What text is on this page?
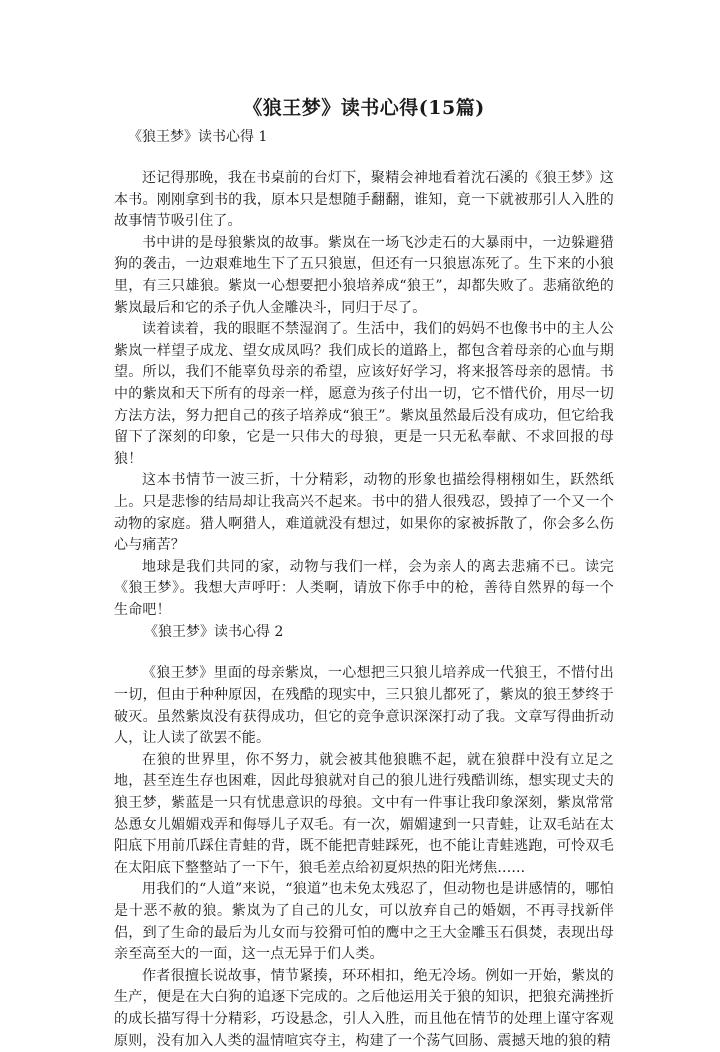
《狼王梦》读书心得(15篇)

《狼王梦》读书心得 1

还记得那晚，我在书桌前的台灯下，聚精会神地看着沈石溪的《狼王梦》这本书。刚刚拿到书的我，原本只是想随手翻翻，谁知，竟一下就被那引人入胜的故事情节吸引住了。

书中讲的是母狼紫岚的故事。紫岚在一场飞沙走石的大暴雨中，一边躲避猎狗的袭击，一边艰难地生下了五只狼崽，但还有一只狼崽冻死了。生下来的小狼里，有三只雄狼。紫岚一心想要把小狼培养成“狼王”，却都失败了。悲痛欲绝的紫岚最后和它的杀子仇人金雕决斗，同归于尽了。

读着读着，我的眼眶不禁湿润了。生活中，我们的妈妈不也像书中的主人公紫岚一样望子成龙、望女成凤吗？我们成长的道路上，都包含着母亲的心血与期望。所以，我们不能辜负母亲的希望，应该好好学习，将来报答母亲的恩情。书中的紫岚和天下所有的母亲一样，愿意为孩子付出一切，它不惜代价，用尽一切方法方法，努力把自己的孩子培养成“狼王”。紫岚虽然最后没有成功，但它给我留下了深刻的印象，它是一只伟大的母狼，更是一只无私奉献、不求回报的母狼！

这本书情节一波三折，十分精彩，动物的形象也描绘得栩栩如生，跃然纸上。只是悲惨的结局却让我高兴不起来。书中的猎人很残忍，毁掉了一个又一个动物的家庭。猎人啊猎人，难道就没有想过，如果你的家被拆散了，你会多么伤心与痛苦？

地球是我们共同的家，动物与我们一样，会为亲人的离去悲痛不已。读完《狼王梦》。我想大声呼吁：人类啊，请放下你手中的枪，善待自然界的每一个生命吧！

《狼王梦》读书心得 2

《狼王梦》里面的母亲紫岚，一心想把三只狼儿培养成一代狼王，不惜付出一切，但由于种种原因，在残酷的现实中，三只狼儿都死了，紫岚的狼王梦终于破灭。虽然紫岚没有获得成功，但它的竞争意识深深打动了我。文章写得曲折动人，让人读了欲罢不能。

在狼的世界里，你不努力，就会被其他狼瞧不起，就在狼群中没有立足之地，甚至连生存也困难，因此母狼就对自己的狼儿进行残酷训练，想实现丈夫的狼王梦，紫蓝是一只有忧患意识的母狼。文中有一件事让我印象深刻，紫岚常常怂恿女儿媚媚戏弄和侮辱儿子双毛。有一次，媚媚逮到一只青蛙，让双毛站在太阳底下用前爪踩住青蛙的背，既不能把青蛙踩死，也不能让青蛙逃跑，可怜双毛在太阳底下整整站了一下午，狼毛差点给初夏炽热的阳光烤焦......

用我们的“人道”来说，“狼道”也未免太残忍了，但动物也是讲感情的，哪怕是十恶不赦的狼。紫岚为了自己的儿女，可以放弃自己的婚姻，不再寻找新伴侣，到了生命的最后为儿女而与狡猾可怕的鹰中之王大金雕玉石俱焚，表现出母亲至高至大的一面，这一点无异于们人类。

作者很擅长说故事，情节紧揍，环环相扣，绝无冷场。例如一开始，紫岚的生产，便是在大白狗的追逐下完成的。之后他运用关于狼的知识，把狼充满挫折的成长描写得十分精彩，巧设悬念，引人入胜，而且他在情节的处理上谨守客观原则，没有加入人类的温情喧宾夺主，构建了一个荡气回肠、震撼天地的狼的精
